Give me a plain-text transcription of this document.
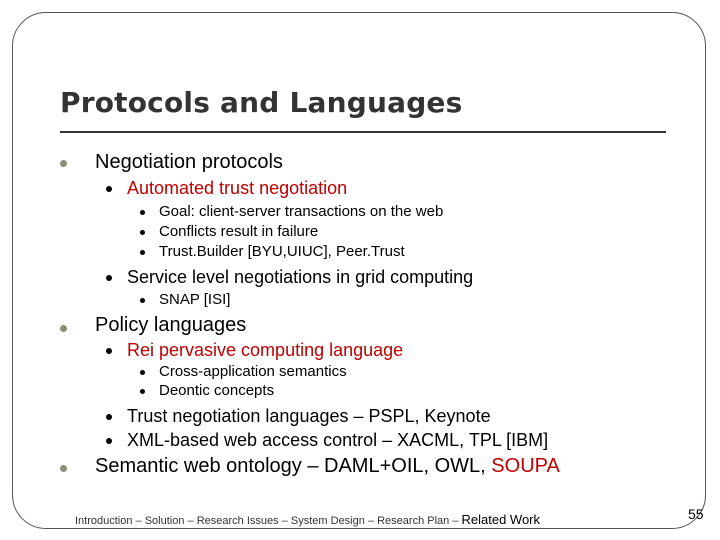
Protocols and Languages
Negotiation protocols
Automated trust negotiation
Goal: client-server transactions on the web
Conflicts result in failure
Trust.Builder [BYU,UIUC], Peer.Trust
Service level negotiations in grid computing
SNAP [ISI]
Policy languages
Rei pervasive computing language
Cross-application semantics
Deontic concepts
Trust negotiation languages – PSPL, Keynote
XML-based web access control – XACML, TPL [IBM]
Semantic web ontology – DAML+OIL, OWL, SOUPA
Introduction – Solution – Research Issues – System Design – Research Plan – Related Work	55
